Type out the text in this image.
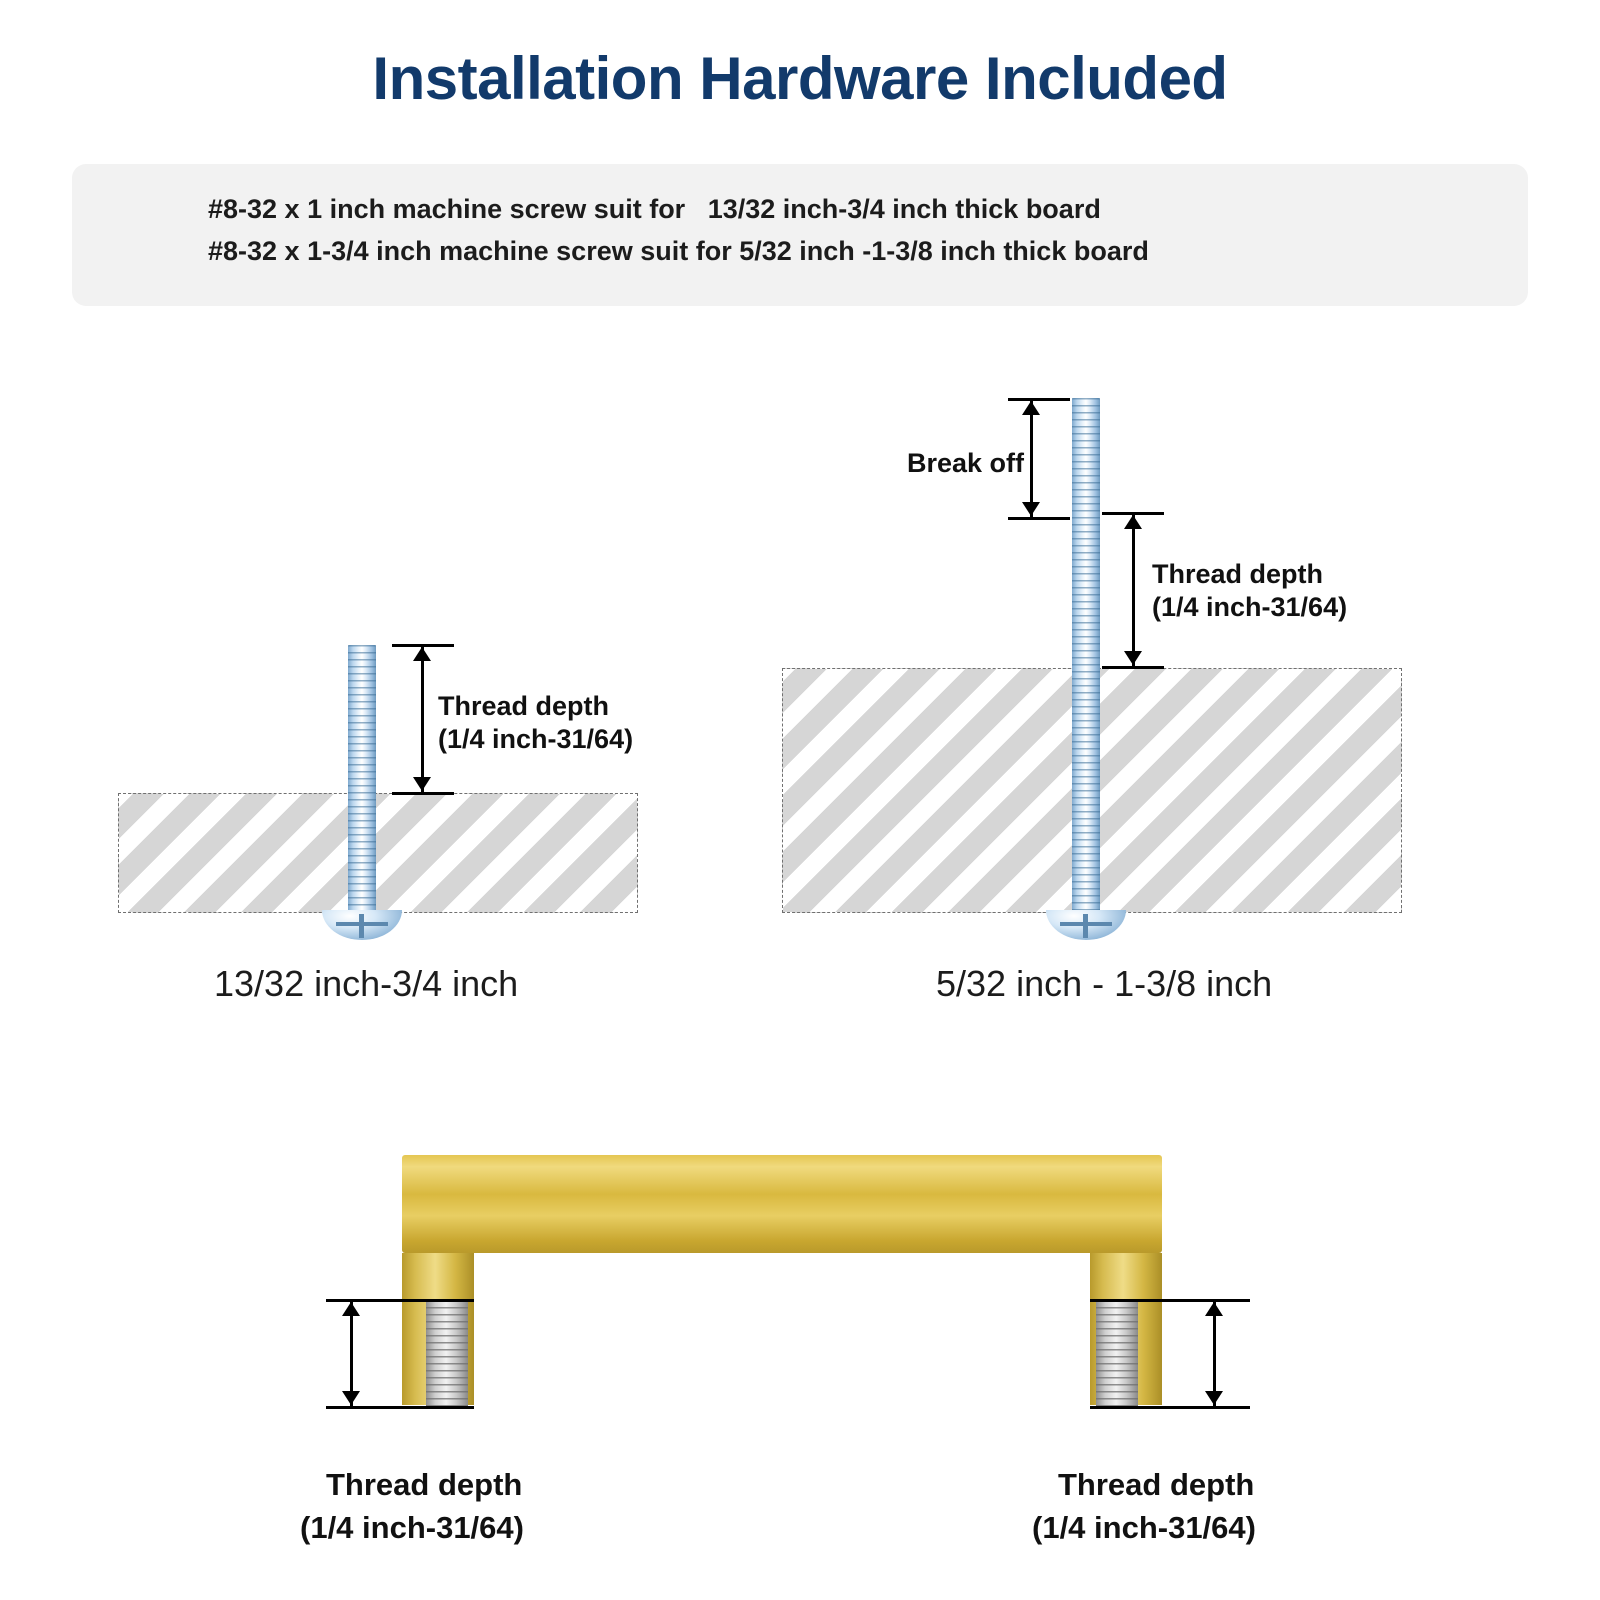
Installation Hardware Included
#8-32 x 1 inch machine screw suit for   13/32 inch-3/4 inch thick board
#8-32 x 1-3/4 inch machine screw suit for 5/32 inch -1-3/8 inch thick board
Thread depth
(1/4 inch-31/64)
13/32 inch-3/4 inch
Break off
Thread depth
(1/4 inch-31/64)
5/32 inch - 1-3/8 inch
Thread depth
(1/4 inch-31/64)
Thread depth
(1/4 inch-31/64)
